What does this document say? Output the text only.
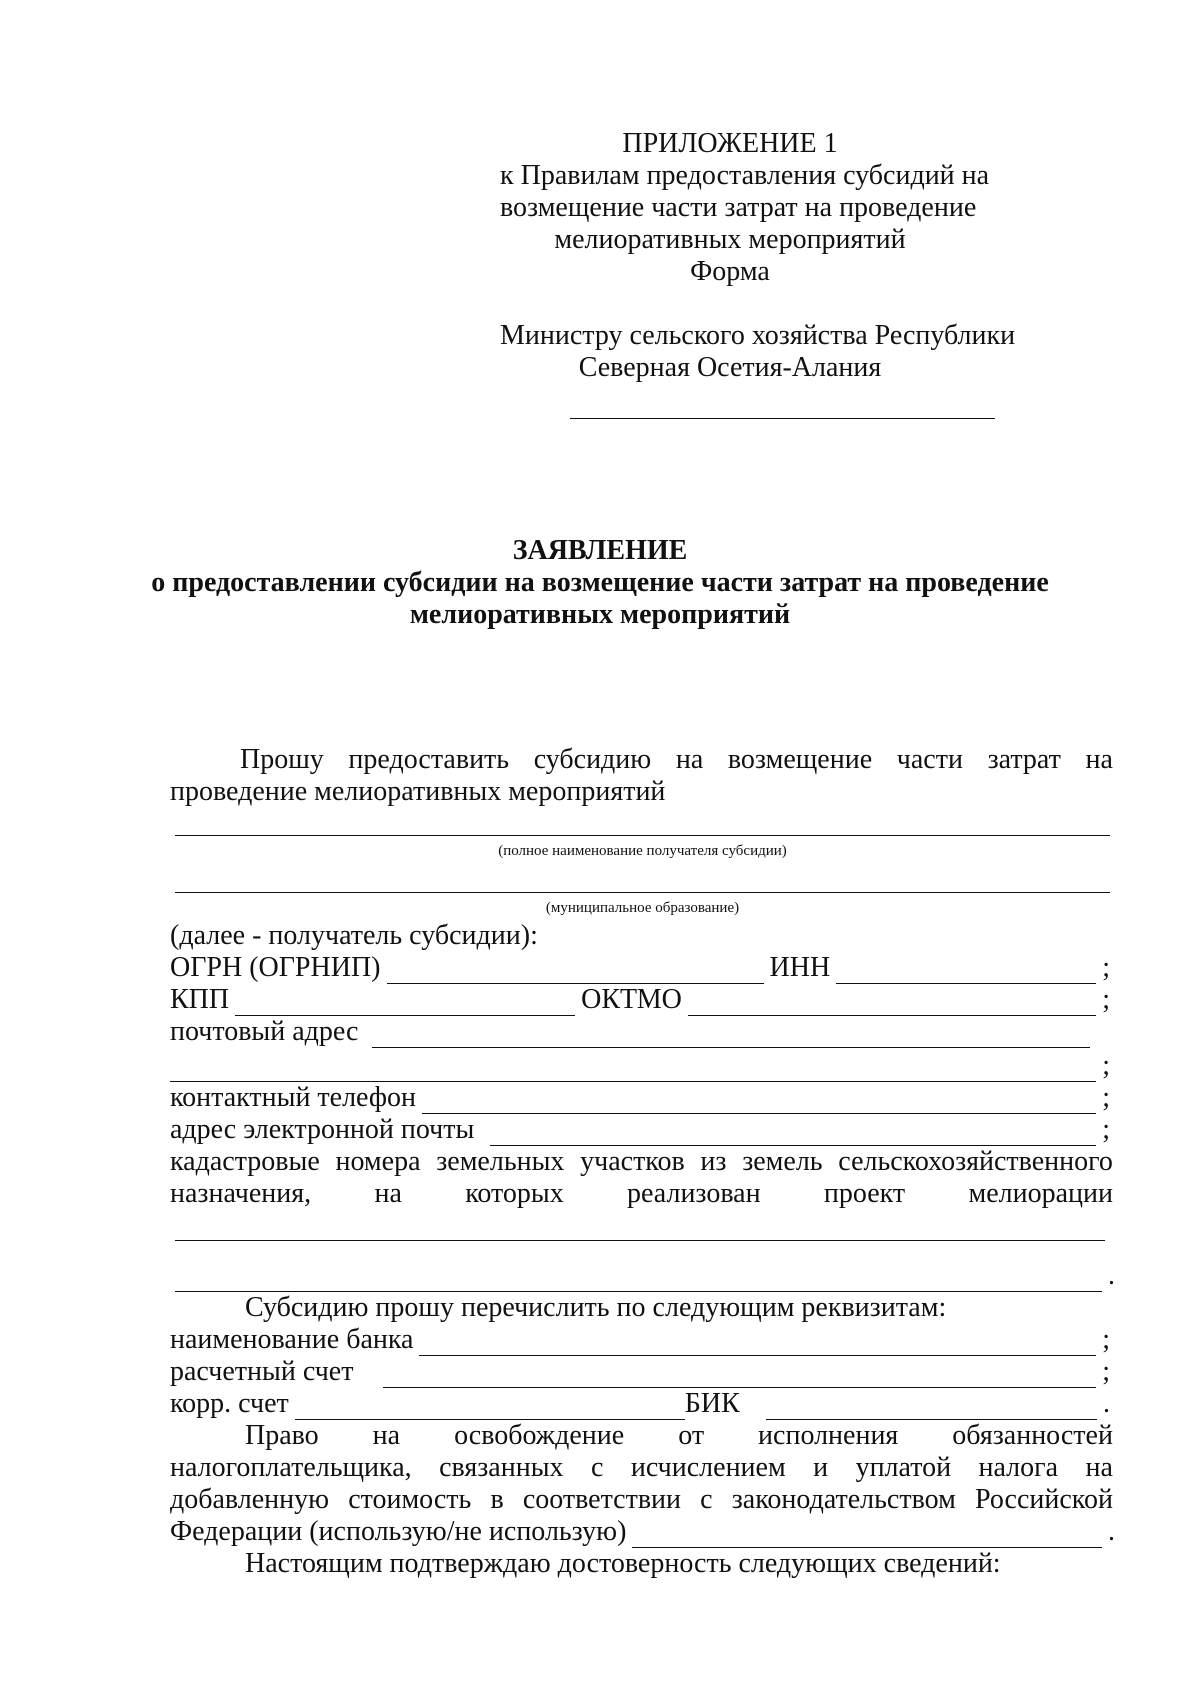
ПРИЛОЖЕНИЕ 1
к Правилам предоставления субсидий на
возмещение части затрат на проведение
мелиоративных мероприятий
Форма
Министру сельского хозяйства Республики
Северная Осетия-Алания
ЗАЯВЛЕНИЕ
о предоставлении субсидии на возмещение части затрат на проведение
мелиоративных мероприятий
Прошу предоставить субсидию на возмещение части затрат на
проведение мелиоративных мероприятий
(полное наименование получателя субсидии)
(муниципальное образование)
(далее - получатель субсидии):
ОГРН (ОГРНИП)	ИНН	;
КПП	ОКТМО	;
почтовый адрес
;
контактный телефон	;
адрес электронной почты	;
кадастровые номера земельных участков из земель сельскохозяйственного
назначения, на которых реализован проект мелиорации
.
Субсидию прошу перечислить по следующим реквизитам:
наименование банка	;
расчетный счет	;
корр. счет	БИК	.
Право на освобождение от исполнения обязанностей
налогоплательщика, связанных с исчислением и уплатой налога на
добавленную стоимость в соответствии с законодательством Российской
Федерации (использую/не использую)	.
Настоящим подтверждаю достоверность следующих сведений:
